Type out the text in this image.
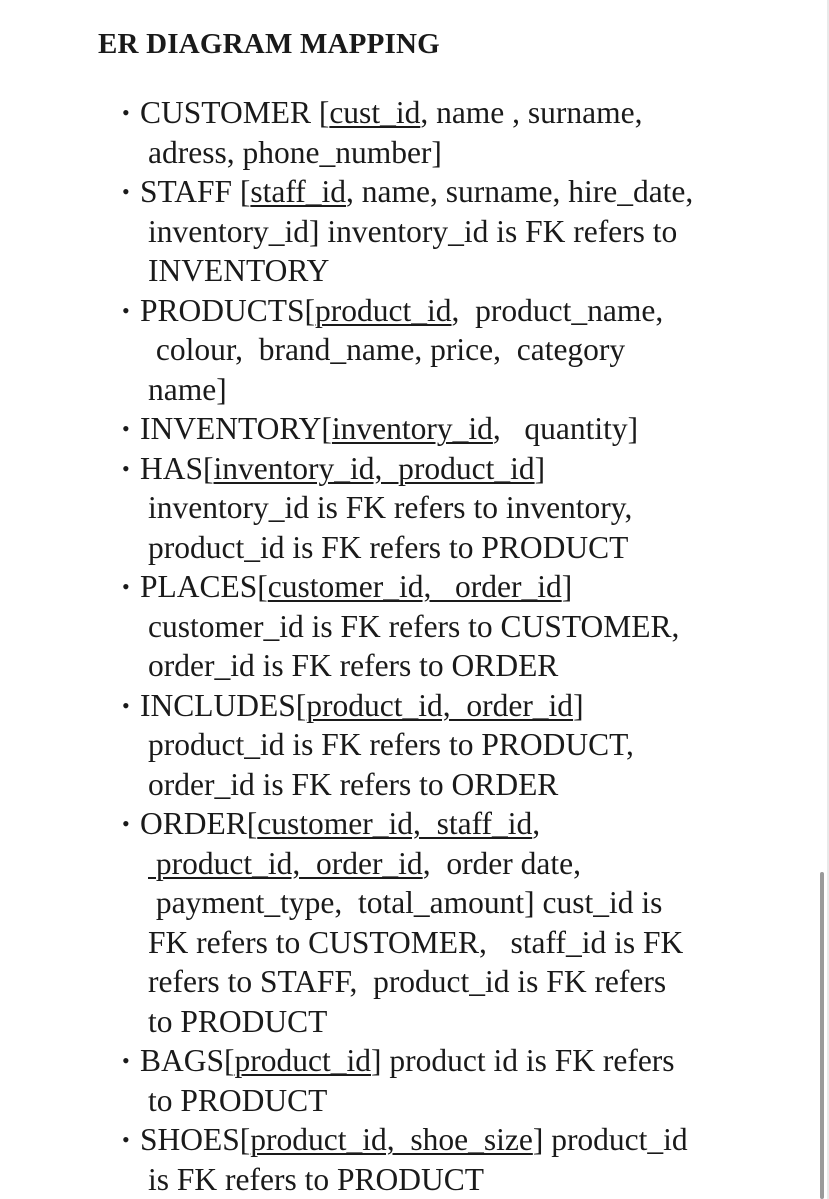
ER DIAGRAM MAPPING
• CUSTOMER [cust_id, name , surname,
adress, phone_number]
• STAFF [staff_id, name, surname, hire_date,
inventory_id] inventory_id is FK refers to
INVENTORY
• PRODUCTS[product_id,  product_name,
colour,  brand_name, price,  category
name]
• INVENTORY[inventory_id,   quantity]
• HAS[inventory_id,  product_id]
inventory_id is FK refers to inventory,
product_id is FK refers to PRODUCT
• PLACES[customer_id,   order_id]
customer_id is FK refers to CUSTOMER,
order_id is FK refers to ORDER
• INCLUDES[product_id,  order_id]
product_id is FK refers to PRODUCT,
order_id is FK refers to ORDER
• ORDER[customer_id,  staff_id,
product_id,  order_id,  order date,
payment_type,  total_amount] cust_id is
FK refers to CUSTOMER,   staff_id is FK
refers to STAFF,  product_id is FK refers
to PRODUCT
• BAGS[product_id] product id is FK refers
to PRODUCT
• SHOES[product_id,  shoe_size] product_id
is FK refers to PRODUCT
